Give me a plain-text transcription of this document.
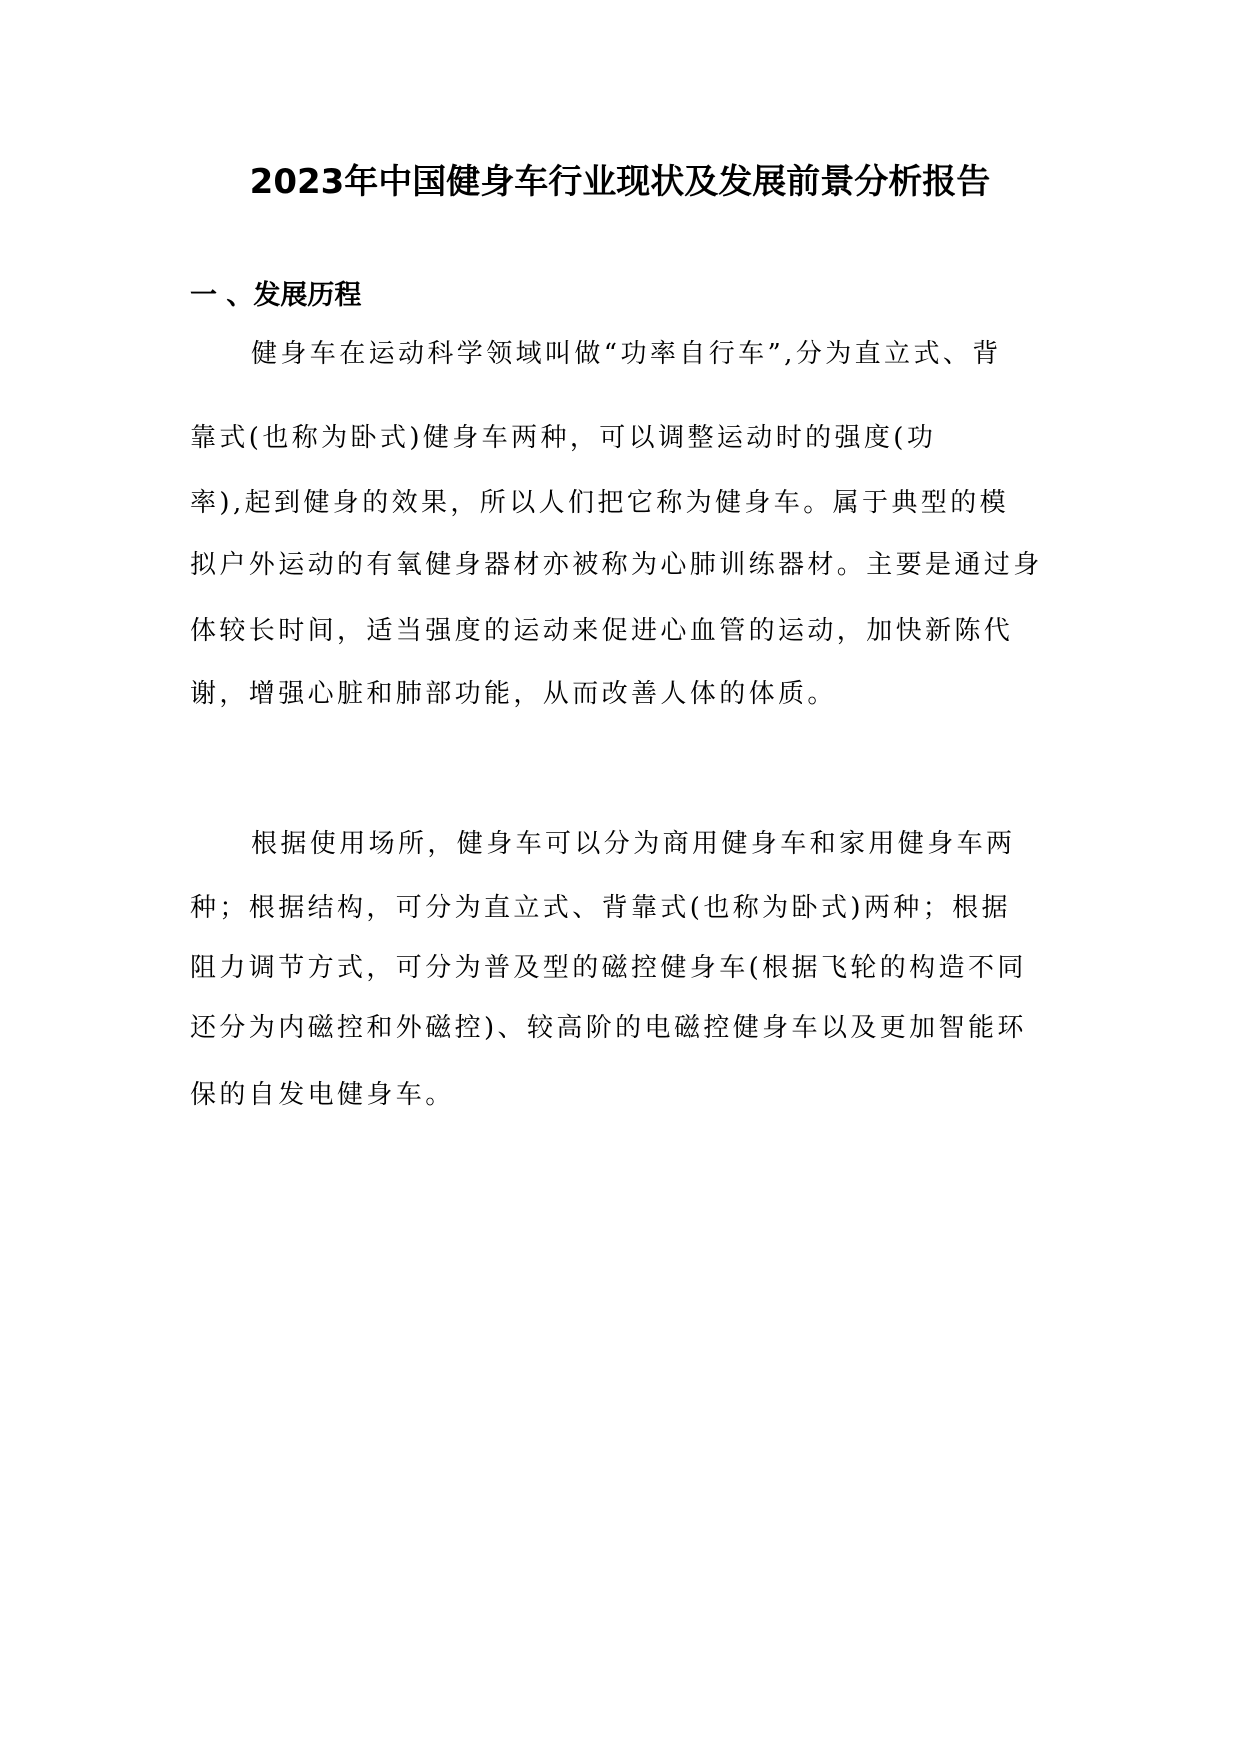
2023年中国健身车行业现状及发展前景分析报告
一 、发展历程
健身车在运动科学领域叫做“功率自行车”,分为直立式、背
靠式(也称为卧式)健身车两种，可以调整运动时的强度(功
率),起到健身的效果，所以人们把它称为健身车。属于典型的模
拟户外运动的有氧健身器材亦被称为心肺训练器材。主要是通过身
体较长时间，适当强度的运动来促进心血管的运动，加快新陈代
谢，增强心脏和肺部功能，从而改善人体的体质。
根据使用场所，健身车可以分为商用健身车和家用健身车两
种；根据结构，可分为直立式、背靠式(也称为卧式)两种；根据
阻力调节方式，可分为普及型的磁控健身车(根据飞轮的构造不同
还分为内磁控和外磁控)、较高阶的电磁控健身车以及更加智能环
保的自发电健身车。
